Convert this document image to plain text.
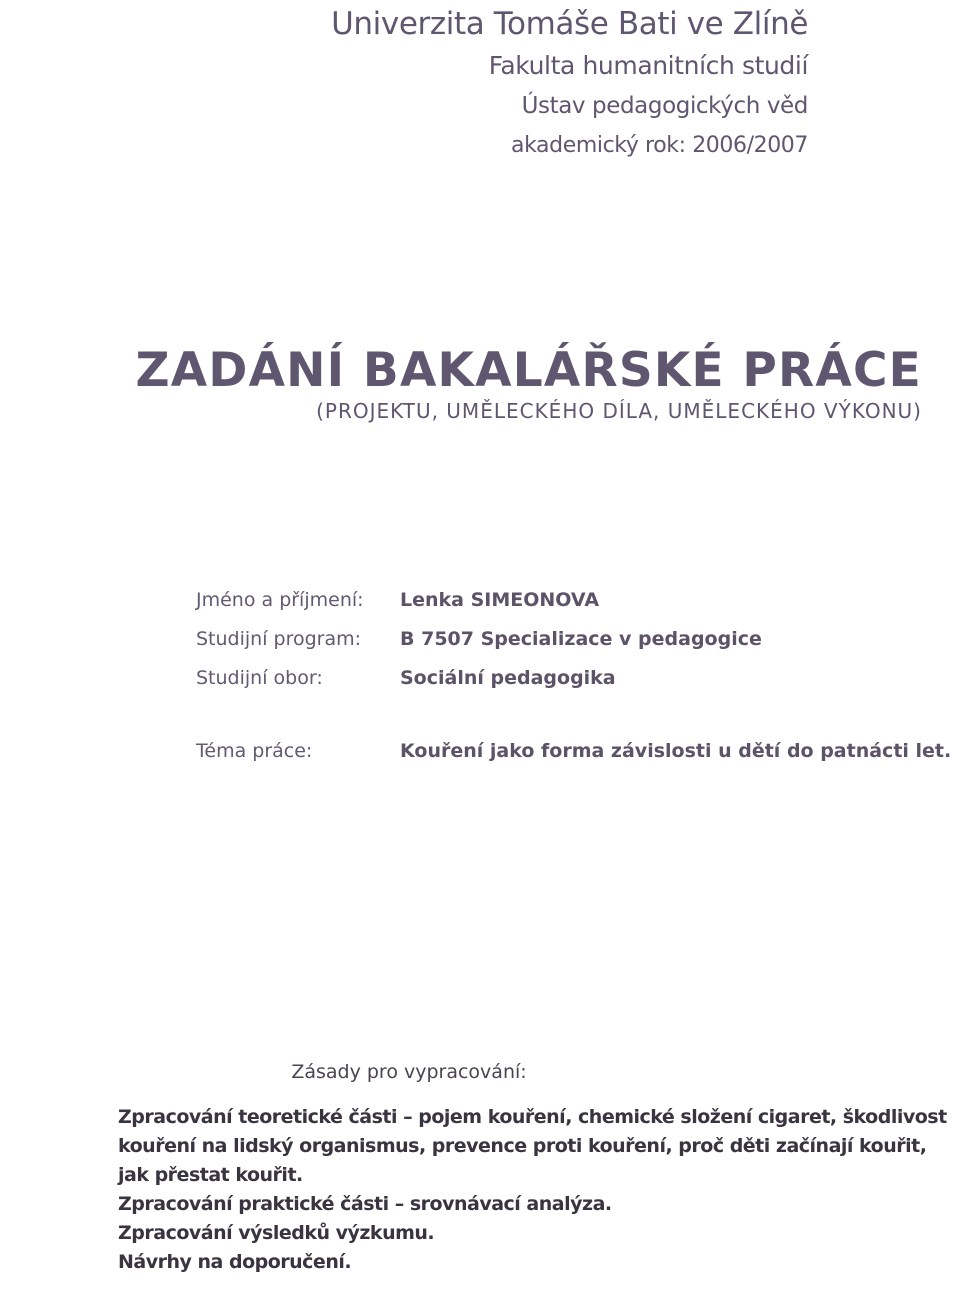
Univerzita Tomáše Bati ve Zlíně
Fakulta humanitních studií
Ústav pedagogických věd
akademický rok: 2006/2007
ZADÁNÍ BAKALÁŘSKÉ PRÁCE
(PROJEKTU, UMĚLECKÉHO DÍLA, UMĚLECKÉHO VÝKONU)
Jméno a příjmení:	Lenka SIMEONOVA
Studijní program:	B 7507 Specializace v pedagogice
Studijní obor:	Sociální pedagogika
Téma práce:	Kouření jako forma závislosti u dětí do patnácti let.
Zásady pro vypracování:

Zpracování teoretické části – pojem kouření, chemické složení cigaret, škodlivost kouření na lidský organismus, prevence proti kouření, proč děti začínají kouřit, jak přestat kouřit.

Zpracování praktické části – srovnávací analýza.

Zpracování výsledků výzkumu.

Návrhy na doporučení.
